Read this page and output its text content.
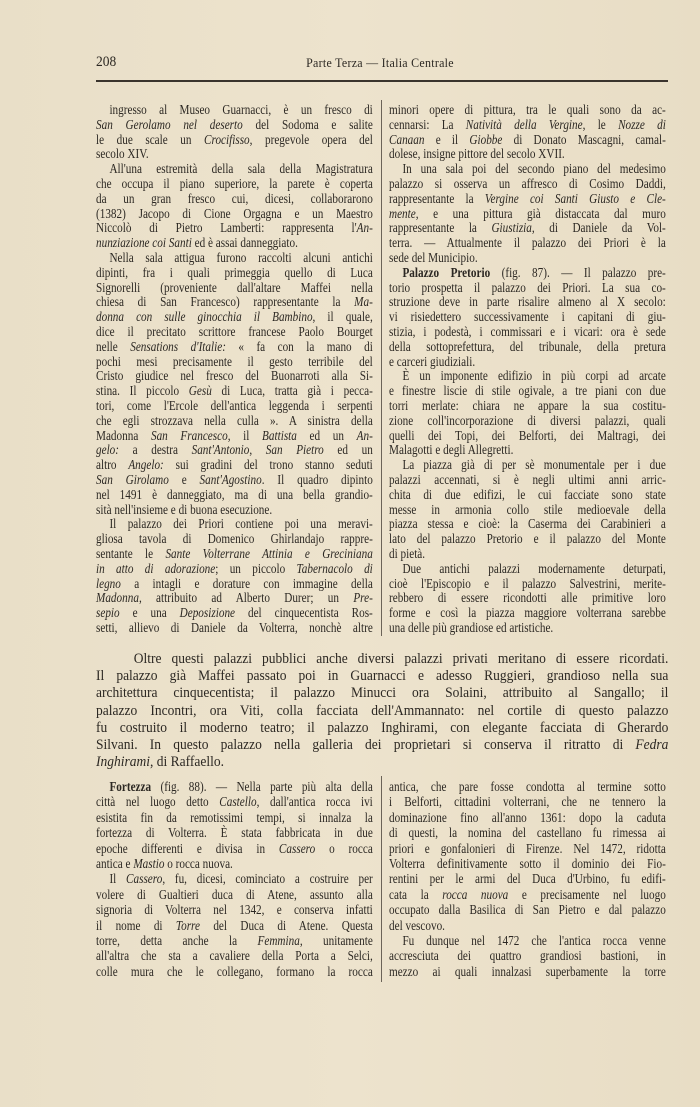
208	Parte Terza — Italia Centrale
ingresso al Museo Guarnacci, è un fresco di
San Gerolamo nel deserto del Sodoma e salite
le due scale un Crocifisso, pregevole opera del
secolo XIV.
All'una estremità della sala della Magistratura
che occupa il piano superiore, la parete è coperta
da un gran fresco cui, dicesi, collaborarono
(1382) Jacopo di Cione Orgagna e un Maestro
Niccolò di Pietro Lamberti: rappresenta l'An-
nunziazione coi Santi ed è assai danneggiato.
Nella sala attigua furono raccolti alcuni antichi
dipinti, fra i quali primeggia quello di Luca
Signorelli (proveniente dall'altare Maffei nella
chiesa di San Francesco) rappresentante la Ma-
donna con sulle ginocchia il Bambino, il quale,
dice il precitato scrittore francese Paolo Bourget
nelle Sensations d'Italie: « fa con la mano di
pochi mesi precisamente il gesto terribile del
Cristo giudice nel fresco del Buonarroti alla Si-
stina. Il piccolo Gesù di Luca, tratta già i pecca-
tori, come l'Ercole dell'antica leggenda i serpenti
che egli strozzava nella culla ». A sinistra della
Madonna San Francesco, il Battista ed un An-
gelo: a destra Sant'Antonio, San Pietro ed un
altro Angelo: sui gradini del trono stanno seduti
San Girolamo e Sant'Agostino. Il quadro dipinto
nel 1491 è danneggiato, ma di una bella grandio-
sità nell'insieme e di buona esecuzione.
Il palazzo dei Priori contiene poi una meravi-
gliosa tavola di Domenico Ghirlandajo rappre-
sentante le Sante Volterrane Attinia e Greciniana
in atto di adorazione; un piccolo Tabernacolo di
legno a intagli e dorature con immagine della
Madonna, attribuito ad Alberto Durer; un Pre-
sepio e una Deposizione del cinquecentista Ros-
setti, allievo di Daniele da Volterra, nonchè altre
minori opere di pittura, tra le quali sono da ac-
cennarsi: La Natività della Vergine, le Nozze di
Canaan e il Giobbe di Donato Mascagni, camal-
dolese, insigne pittore del secolo XVII.
In una sala poi del secondo piano del medesimo
palazzo si osserva un affresco di Cosimo Daddi,
rappresentante la Vergine coi Santi Giusto e Cle-
mente, e una pittura già distaccata dal muro
rappresentante la Giustizia, di Daniele da Vol-
terra. — Attualmente il palazzo dei Priori è la
sede del Municipio.
Palazzo Pretorio (fig. 87). — Il palazzo pre-
torio prospetta il palazzo dei Priori. La sua co-
struzione deve in parte risalire almeno al X secolo:
vi risiedettero successivamente i capitani di giu-
stizia, i podestà, i commissari e i vicari: ora è sede
della sottoprefettura, del tribunale, della pretura
e carceri giudiziali.
È un imponente edifizio in più corpi ad arcate
e finestre liscie di stile ogivale, a tre piani con due
torri merlate: chiara ne appare la sua costitu-
zione coll'incorporazione di diversi palazzi, quali
quelli dei Topi, dei Belforti, dei Maltragi, dei
Malagotti e degli Allegretti.
La piazza già di per sè monumentale per i due
palazzi accennati, si è negli ultimi anni arric-
chita di due edifizi, le cui facciate sono state
messe in armonia collo stile medioevale della
piazza stessa e cioè: la Caserma dei Carabinieri a
lato del palazzo Pretorio e il palazzo del Monte
di pietà.
Due antichi palazzi modernamente deturpati,
cioè l'Episcopio e il palazzo Salvestrini, merite-
rebbero di essere ricondotti alle primitive loro
forme e così la piazza maggiore volterrana sarebbe
una delle più grandiose ed artistiche.
Oltre questi palazzi pubblici anche diversi palazzi privati meritano di essere ricordati.
Il palazzo già Maffei passato poi in Guarnacci e adesso Ruggieri, grandioso nella sua
architettura cinquecentista; il palazzo Minucci ora Solaini, attribuito al Sangallo; il
palazzo Incontri, ora Viti, colla facciata dell'Ammannato: nel cortile di questo palazzo
fu costruito il moderno teatro; il palazzo Inghirami, con elegante facciata di Gherardo
Silvani. In questo palazzo nella galleria dei proprietari si conserva il ritratto di Fedra
Inghirami, di Raffaello.
Fortezza (fig. 88). — Nella parte più alta della
città nel luogo detto Castello, dall'antica rocca ivi
esistita fin da remotissimi tempi, si innalza la
fortezza di Volterra. È stata fabbricata in due
epoche differenti e divisa in Cassero o rocca
antica e Mastio o rocca nuova.
Il Cassero, fu, dicesi, cominciato a costruire per
volere di Gualtieri duca di Atene, assunto alla
signoria di Volterra nel 1342, e conserva infatti
il nome di Torre del Duca di Atene. Questa
torre, detta anche la Femmina, unitamente
all'altra che sta a cavaliere della Porta a Selci,
colle mura che le collegano, formano la rocca
antica, che pare fosse condotta al termine sotto
i Belforti, cittadini volterrani, che ne tennero la
dominazione fino all'anno 1361: dopo la caduta
di questi, la nomina del castellano fu rimessa ai
priori e gonfalonieri di Firenze. Nel 1472, ridotta
Volterra definitivamente sotto il dominio dei Fio-
rentini per le armi del Duca d'Urbino, fu edifi-
cata la rocca nuova e precisamente nel luogo
occupato dalla Basilica di San Pietro e dal palazzo
del vescovo.
Fu dunque nel 1472 che l'antica rocca venne
accresciuta dei quattro grandiosi bastioni, in
mezzo ai quali innalzasi superbamente la torre
